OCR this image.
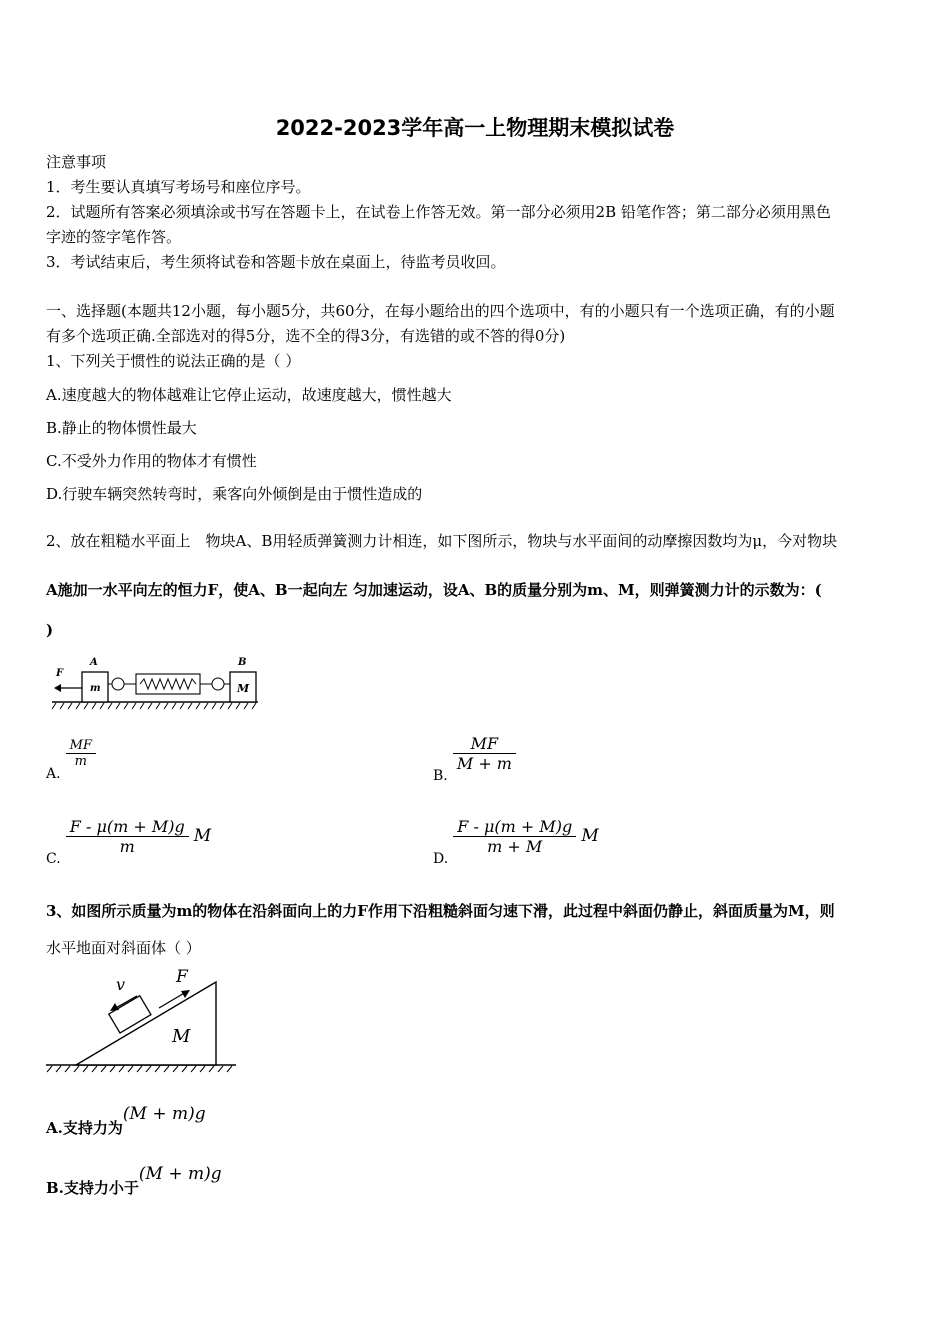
2022-2023学年高一上物理期末模拟试卷
注意事项
1．考生要认真填写考场号和座位序号。
2．试题所有答案必须填涂或书写在答题卡上，在试卷上作答无效。第一部分必须用2B 铅笔作答；第二部分必须用黑色
字迹的签字笔作答。
3．考试结束后，考生须将试卷和答题卡放在桌面上，待监考员收回。
一、选择题(本题共12小题，每小题5分，共60分，在每小题给出的四个选项中，有的小题只有一个选项正确，有的小题
有多个选项正确.全部选对的得5分，选不全的得3分，有选错的或不答的得0分)
1、下列关于惯性的说法正确的是（ ）
A.速度越大的物体越难让它停止运动，故速度越大，惯性越大
B.静止的物体惯性最大
C.不受外力作用的物体才有惯性
D.行驶车辆突然转弯时，乘客向外倾倒是由于惯性造成的
2、放在粗糙水平面上　物块A、B用轻质弹簧测力计相连，如下图所示，物块与水平面间的动摩擦因数均为μ，今对物块
A施加一水平向左的恒力F，使A、B一起向左 匀加速运动，设A、B的质量分别为m、M，则弹簧测力计的示数为：(
)
F
A	B
m	M
A.
$\frac{MF}{m}$
B.
$\frac{MF}{M + m}$
C.
$\frac{F - \mu(m + M)g}{m}$ M
D.
$\frac{F - \mu(m + M)g}{m + M}$ M
3、如图所示质量为m的物体在沿斜面向上的力F作用下沿粗糙斜面匀速下滑，此过程中斜面仍静止，斜面质量为M，则
水平地面对斜面体（ ）
v	F
M
A.支持力为(M + m)g
B.支持力小于(M + m)g
